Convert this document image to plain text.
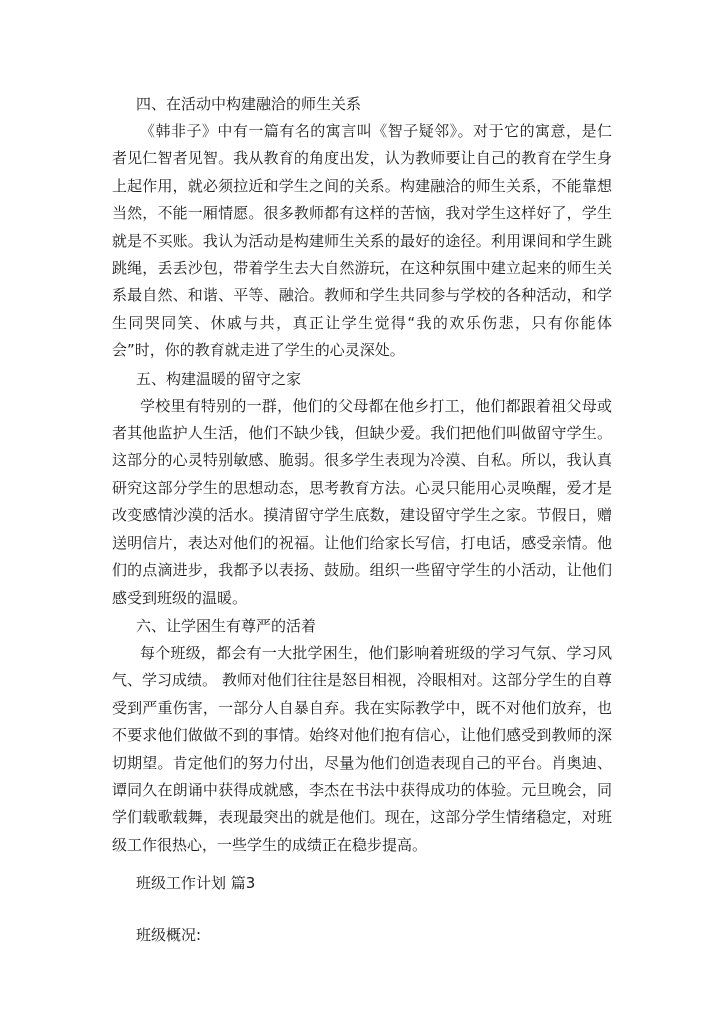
四、在活动中构建融洽的师生关系

《韩非子》中有一篇有名的寓言叫《智子疑邻》。对于它的寓意，是仁者见仁智者见智。我从教育的角度出发，认为教师要让自己的教育在学生身上起作用，就必须拉近和学生之间的关系。构建融洽的师生关系，不能靠想当然，不能一厢情愿。很多教师都有这样的苦恼，我对学生这样好了，学生就是不买账。我认为活动是构建师生关系的最好的途径。利用课间和学生跳跳绳，丢丢沙包，带着学生去大自然游玩，在这种氛围中建立起来的师生关系最自然、和谐、平等、融洽。教师和学生共同参与学校的各种活动，和学生同哭同笑、休戚与共，真正让学生觉得“我的欢乐伤悲，只有你能体会”时，你的教育就走进了学生的心灵深处。

五、构建温暖的留守之家

学校里有特别的一群，他们的父母都在他乡打工，他们都跟着祖父母或者其他监护人生活，他们不缺少钱，但缺少爱。我们把他们叫做留守学生。这部分的心灵特别敏感、脆弱。很多学生表现为冷漠、自私。所以，我认真研究这部分学生的思想动态，思考教育方法。心灵只能用心灵唤醒，爱才是改变感情沙漠的活水。摸清留守学生底数，建设留守学生之家。节假日，赠送明信片，表达对他们的祝福。让他们给家长写信，打电话，感受亲情。他们的点滴进步，我都予以表扬、鼓励。组织一些留守学生的小活动，让他们感受到班级的温暖。

六、让学困生有尊严的活着

每个班级，都会有一大批学困生，他们影响着班级的学习气氛、学习风气、学习成绩。 教师对他们往往是怒目相视，冷眼相对。这部分学生的自尊受到严重伤害，一部分人自暴自弃。我在实际教学中，既不对他们放弃，也不要求他们做做不到的事情。始终对他们抱有信心，让他们感受到教师的深切期望。肯定他们的努力付出，尽量为他们创造表现自己的平台。肖奥迪、谭同久在朗诵中获得成就感，李杰在书法中获得成功的体验。元旦晚会，同学们载歌载舞，表现最突出的就是他们。现在，这部分学生情绪稳定，对班级工作很热心，一些学生的成绩正在稳步提高。

班级工作计划 篇3
班级概况:
